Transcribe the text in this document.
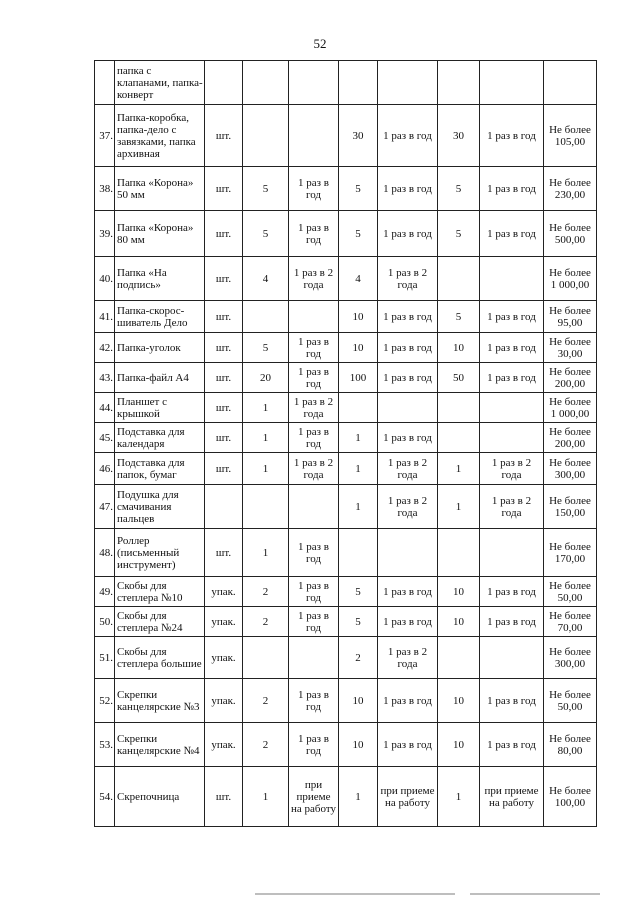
52
	папка с клапанами, папка-конверт								
37.	Папка-коробка, папка-дело с завязками, папка архивная	шт.			30	1 раз в год	30	1 раз в год	Не более 105,00
38.	Папка «Корона» 50 мм	шт.	5	1 раз в год	5	1 раз в год	5	1 раз в год	Не более 230,00
39.	Папка «Корона» 80 мм	шт.	5	1 раз в год	5	1 раз в год	5	1 раз в год	Не более 500,00
40.	Папка «На подпись»	шт.	4	1 раз в 2 года	4	1 раз в 2 года			Не более 1 000,00
41.	Папка-скорос-шиватель Дело	шт.			10	1 раз в год	5	1 раз в год	Не более 95,00
42.	Папка-уголок	шт.	5	1 раз в год	10	1 раз в год	10	1 раз в год	Не более 30,00
43.	Папка-файл А4	шт.	20	1 раз в год	100	1 раз в год	50	1 раз в год	Не более 200,00
44.	Планшет с крышкой	шт.	1	1 раз в 2 года					Не более 1 000,00
45.	Подставка для календаря	шт.	1	1 раз в год	1	1 раз в год			Не более 200,00
46.	Подставка для папок, бумаг	шт.	1	1 раз в 2 года	1	1 раз в 2 года	1	1 раз в 2 года	Не более 300,00
47.	Подушка для смачивания пальцев				1	1 раз в 2 года	1	1 раз в 2 года	Не более 150,00
48.	Роллер (письменный инструмент)	шт.	1	1 раз в год					Не более 170,00
49.	Скобы для степлера №10	упак.	2	1 раз в год	5	1 раз в год	10	1 раз в год	Не более 50,00
50.	Скобы для степлера №24	упак.	2	1 раз в год	5	1 раз в год	10	1 раз в год	Не более 70,00
51.	Скобы для степлера большие	упак.			2	1 раз в 2 года			Не более 300,00
52.	Скрепки канцелярские №3	упак.	2	1 раз в год	10	1 раз в год	10	1 раз в год	Не более 50,00
53.	Скрепки канцелярские №4	упак.	2	1 раз в год	10	1 раз в год	10	1 раз в год	Не более 80,00
54.	Скрепочница	шт.	1	при приеме на работу	1	при приеме на работу	1	при приеме на работу	Не более 100,00
